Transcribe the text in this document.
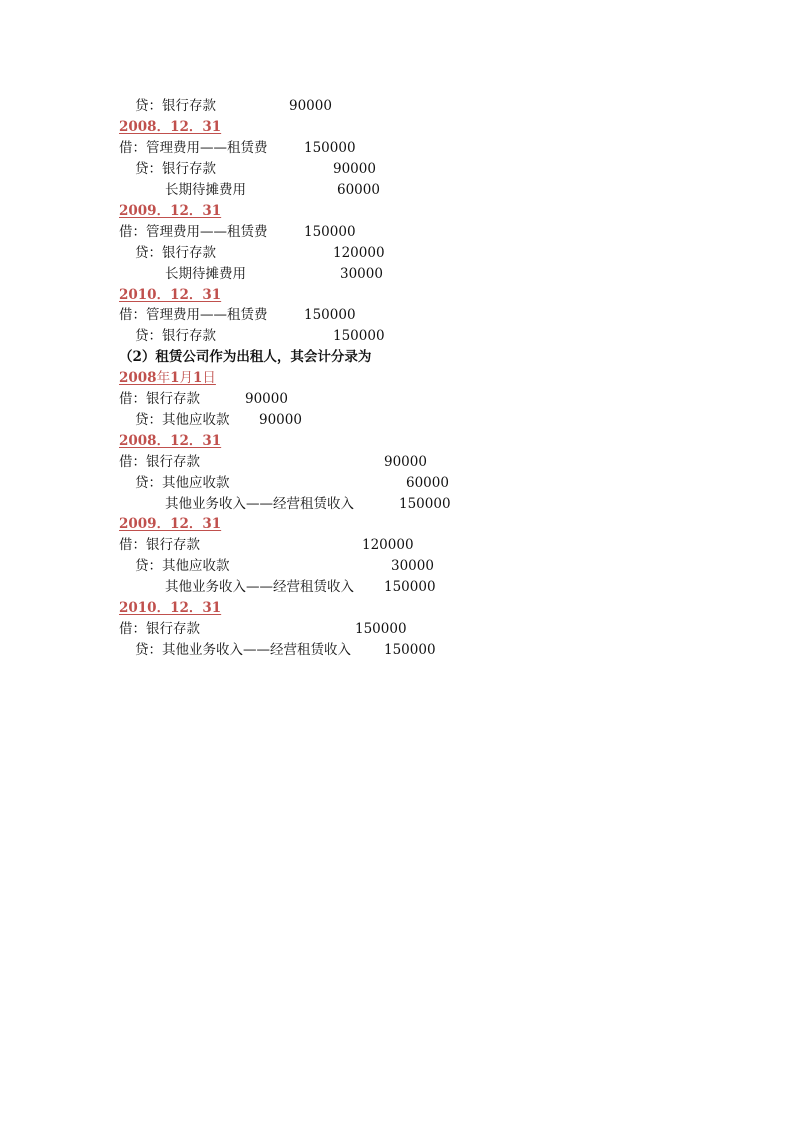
贷：银行存款	90000
2008．12．31
借：管理费用——租赁费	150000
贷：银行存款	90000
长期待摊费用	60000
2009．12．31
借：管理费用——租赁费	150000
贷：银行存款	120000
长期待摊费用	30000
2010．12．31
借：管理费用——租赁费	150000
贷：银行存款	150000
（2）租赁公司作为出租人，其会计分录为
2008年1月1日
借：银行存款	90000
贷：其他应收款 90000
2008．12．31
借：银行存款	90000
贷：其他应收款	60000
其他业务收入——经营租赁收入	150000
2009．12．31
借：银行存款	120000
贷：其他应收款	30000
其他业务收入——经营租赁收入 150000
2010．12．31
借：银行存款	150000
贷：其他业务收入——经营租赁收入 150000
